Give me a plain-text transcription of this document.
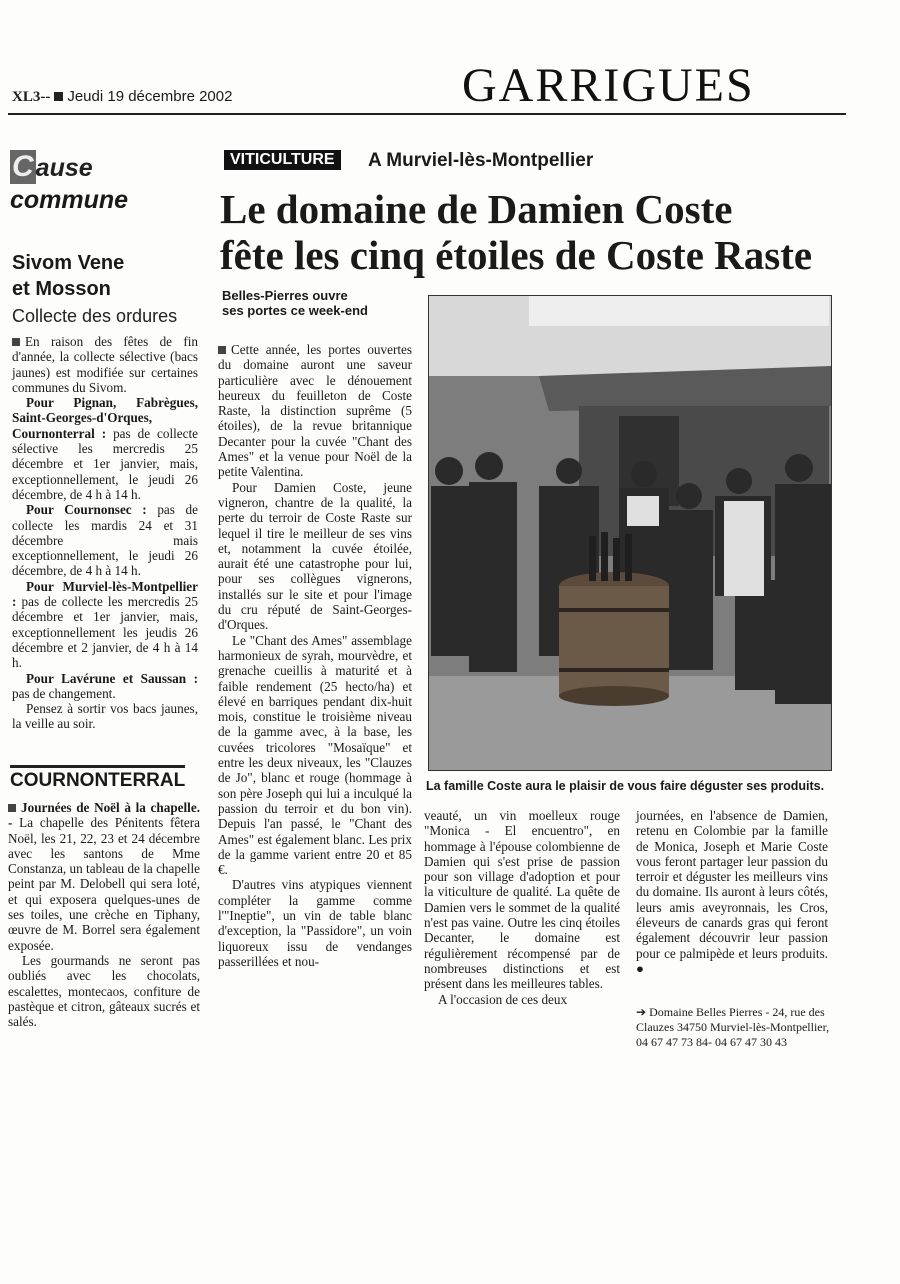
XL3-- Jeudi 19 décembre 2002	GARRIGUES
Cause
commune
Sivom Vene
et Mosson
Collecte des ordures

En raison des fêtes de fin d'année, la collecte sélective (bacs jaunes) est modifiée sur certaines communes du Sivom.

Pour Pignan, Fabrègues, Saint-Georges-d'Orques, Cournonterral : pas de collecte sélective les mercredis 25 décembre et 1er janvier, mais, exceptionnellement, le jeudi 26 décembre, de 4 h à 14 h.

Pour Cournonsec : pas de collecte les mardis 24 et 31 décembre mais exceptionnellement, le jeudi 26 décembre, de 4 h à 14 h.

Pour Murviel-lès-Montpellier : pas de collecte les mercredis 25 décembre et 1er janvier, mais, exceptionnellement les jeudis 26 décembre et 2 janvier, de 4 h à 14 h.

Pour Lavérune et Saussan : pas de changement.

Pensez à sortir vos bacs jaunes, la veille au soir.

COURNONTERRAL

Journées de Noël à la chapelle. - La chapelle des Pénitents fêtera Noël, les 21, 22, 23 et 24 décembre avec les santons de Mme Constanza, un tableau de la chapelle peint par M. Delobell qui sera loté, et qui exposera quelques-unes de ses toiles, une crèche en Tiphany, œuvre de M. Borrel sera également exposée.

Les gourmands ne seront pas oubliés avec les chocolats, escalettes, montecaos, confiture de pastèque et citron, gâteaux sucrés et salés.

VITICULTURE	A Murviel-lès-Montpellier
Le domaine de Damien Coste
fête les cinq étoiles de Coste Raste
Belles-Pierres ouvre
ses portes ce week-end

Cette année, les portes ouvertes du domaine auront une saveur particulière avec le dénouement heureux du feuilleton de Coste Raste, la distinction suprême (5 étoiles), de la revue britannique Decanter pour la cuvée "Chant des Ames" et la venue pour Noël de la petite Valentina.

Pour Damien Coste, jeune vigneron, chantre de la qualité, la perte du terroir de Coste Raste sur lequel il tire le meilleur de ses vins et, notamment la cuvée étoilée, aurait été une catastrophe pour lui, pour ses collègues vignerons, installés sur le site et pour l'image du cru réputé de Saint-Georges-d'Orques.

Le "Chant des Ames" assemblage harmonieux de syrah, mourvèdre, et grenache cueillis à maturité et à faible rendement (25 hecto/ha) et élevé en barriques pendant dix-huit mois, constitue le troisième niveau de la gamme avec, à la base, les cuvées tricolores "Mosaïque" et entre les deux niveaux, les "Clauzes de Jo", blanc et rouge (hommage à son père Joseph qui lui a inculqué la passion du terroir et du bon vin). Depuis l'an passé, le "Chant des Ames" est également blanc. Les prix de la gamme varient entre 20 et 85 €.

D'autres vins atypiques viennent compléter la gamme comme l'"Ineptie", un vin de table blanc d'exception, la "Passidore", un voin liquoreux issu de vendanges passerillées et nou-

La famille Coste aura le plaisir de vous faire déguster ses produits.

veauté, un vin moelleux rouge "Monica - El encuentro", en hommage à l'épouse colombienne de Damien qui s'est prise de passion pour son village d'adoption et pour la viticulture de qualité. La quête de Damien vers le sommet de la qualité n'est pas vaine. Outre les cinq étoiles Decanter, le domaine est régulièrement récompensé par de nombreuses distinctions et est présent dans les meilleures tables.

A l'occasion de ces deux

journées, en l'absence de Damien, retenu en Colombie par la famille de Monica, Joseph et Marie Coste vous feront partager leur passion du terroir et déguster les meilleurs vins du domaine. Ils auront à leurs côtés, leurs amis aveyronnais, les Cros, éleveurs de canards gras qui feront également découvrir leur passion pour ce palmipède et leurs produits. ●

➔ Domaine Belles Pierres - 24, rue des Clauzes 34750 Murviel-lès-Montpellier, 04 67 47 73 84- 04 67 47 30 43
